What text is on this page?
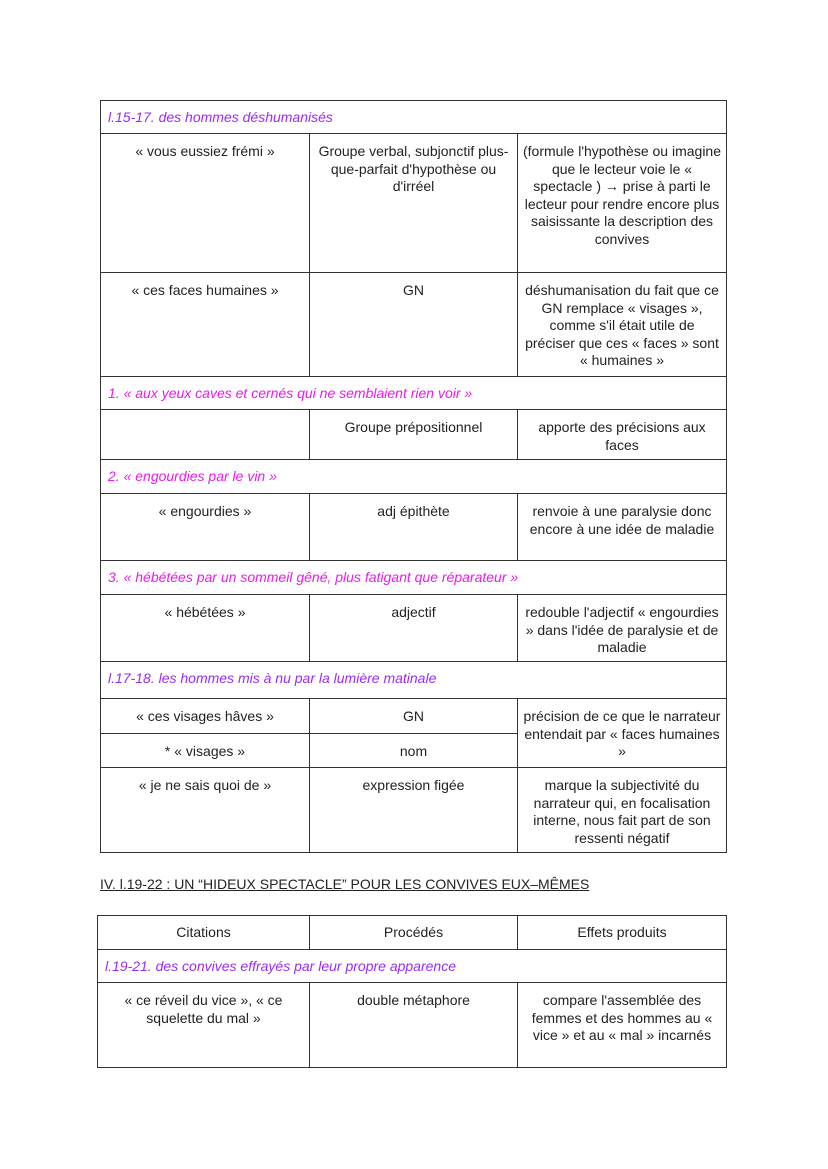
l.15-17. des hommes déshumanisés		
« vous eussiez frémi »	Groupe verbal, subjonctif plus-que-parfait d'hypothèse ou d'irréel	(formule l'hypothèse ou imagine que le lecteur voie le « spectacle ) → prise à parti le lecteur pour rendre encore plus saisissante la description des convives
« ces faces humaines »	GN	déshumanisation du fait que ce GN remplace « visages », comme s'il était utile de préciser que ces « faces » sont « humaines »
1. « aux yeux caves et cernés qui ne semblaient rien voir »		
	Groupe prépositionnel	apporte des précisions aux faces
2. « engourdies par le vin »		
« engourdies »	adj épithète	renvoie à une paralysie donc encore à une idée de maladie
3. « hébétées par un sommeil gêné, plus fatigant que réparateur »		
« hébétées »	adjectif	redouble l'adjectif « engourdies » dans l'idée de paralysie et de maladie
l.17-18. les hommes mis à nu par la lumière matinale		
« ces visages hâves »	GN	précision de ce que le narrateur entendait par « faces humaines »
* « visages »	nom	
« je ne sais quoi de »	expression figée	marque la subjectivité du narrateur qui, en focalisation interne, nous fait part de son ressenti négatif
IV. l.19-22 : UN “HIDEUX SPECTACLE” POUR LES CONVIVES EUX–MÊMES
Citations	Procédés	Effets produits
l.19-21. des convives effrayés par leur propre apparence		
« ce réveil du vice », « ce squelette du mal »	double métaphore	compare l'assemblée des femmes et des hommes au « vice » et au « mal » incarnés
